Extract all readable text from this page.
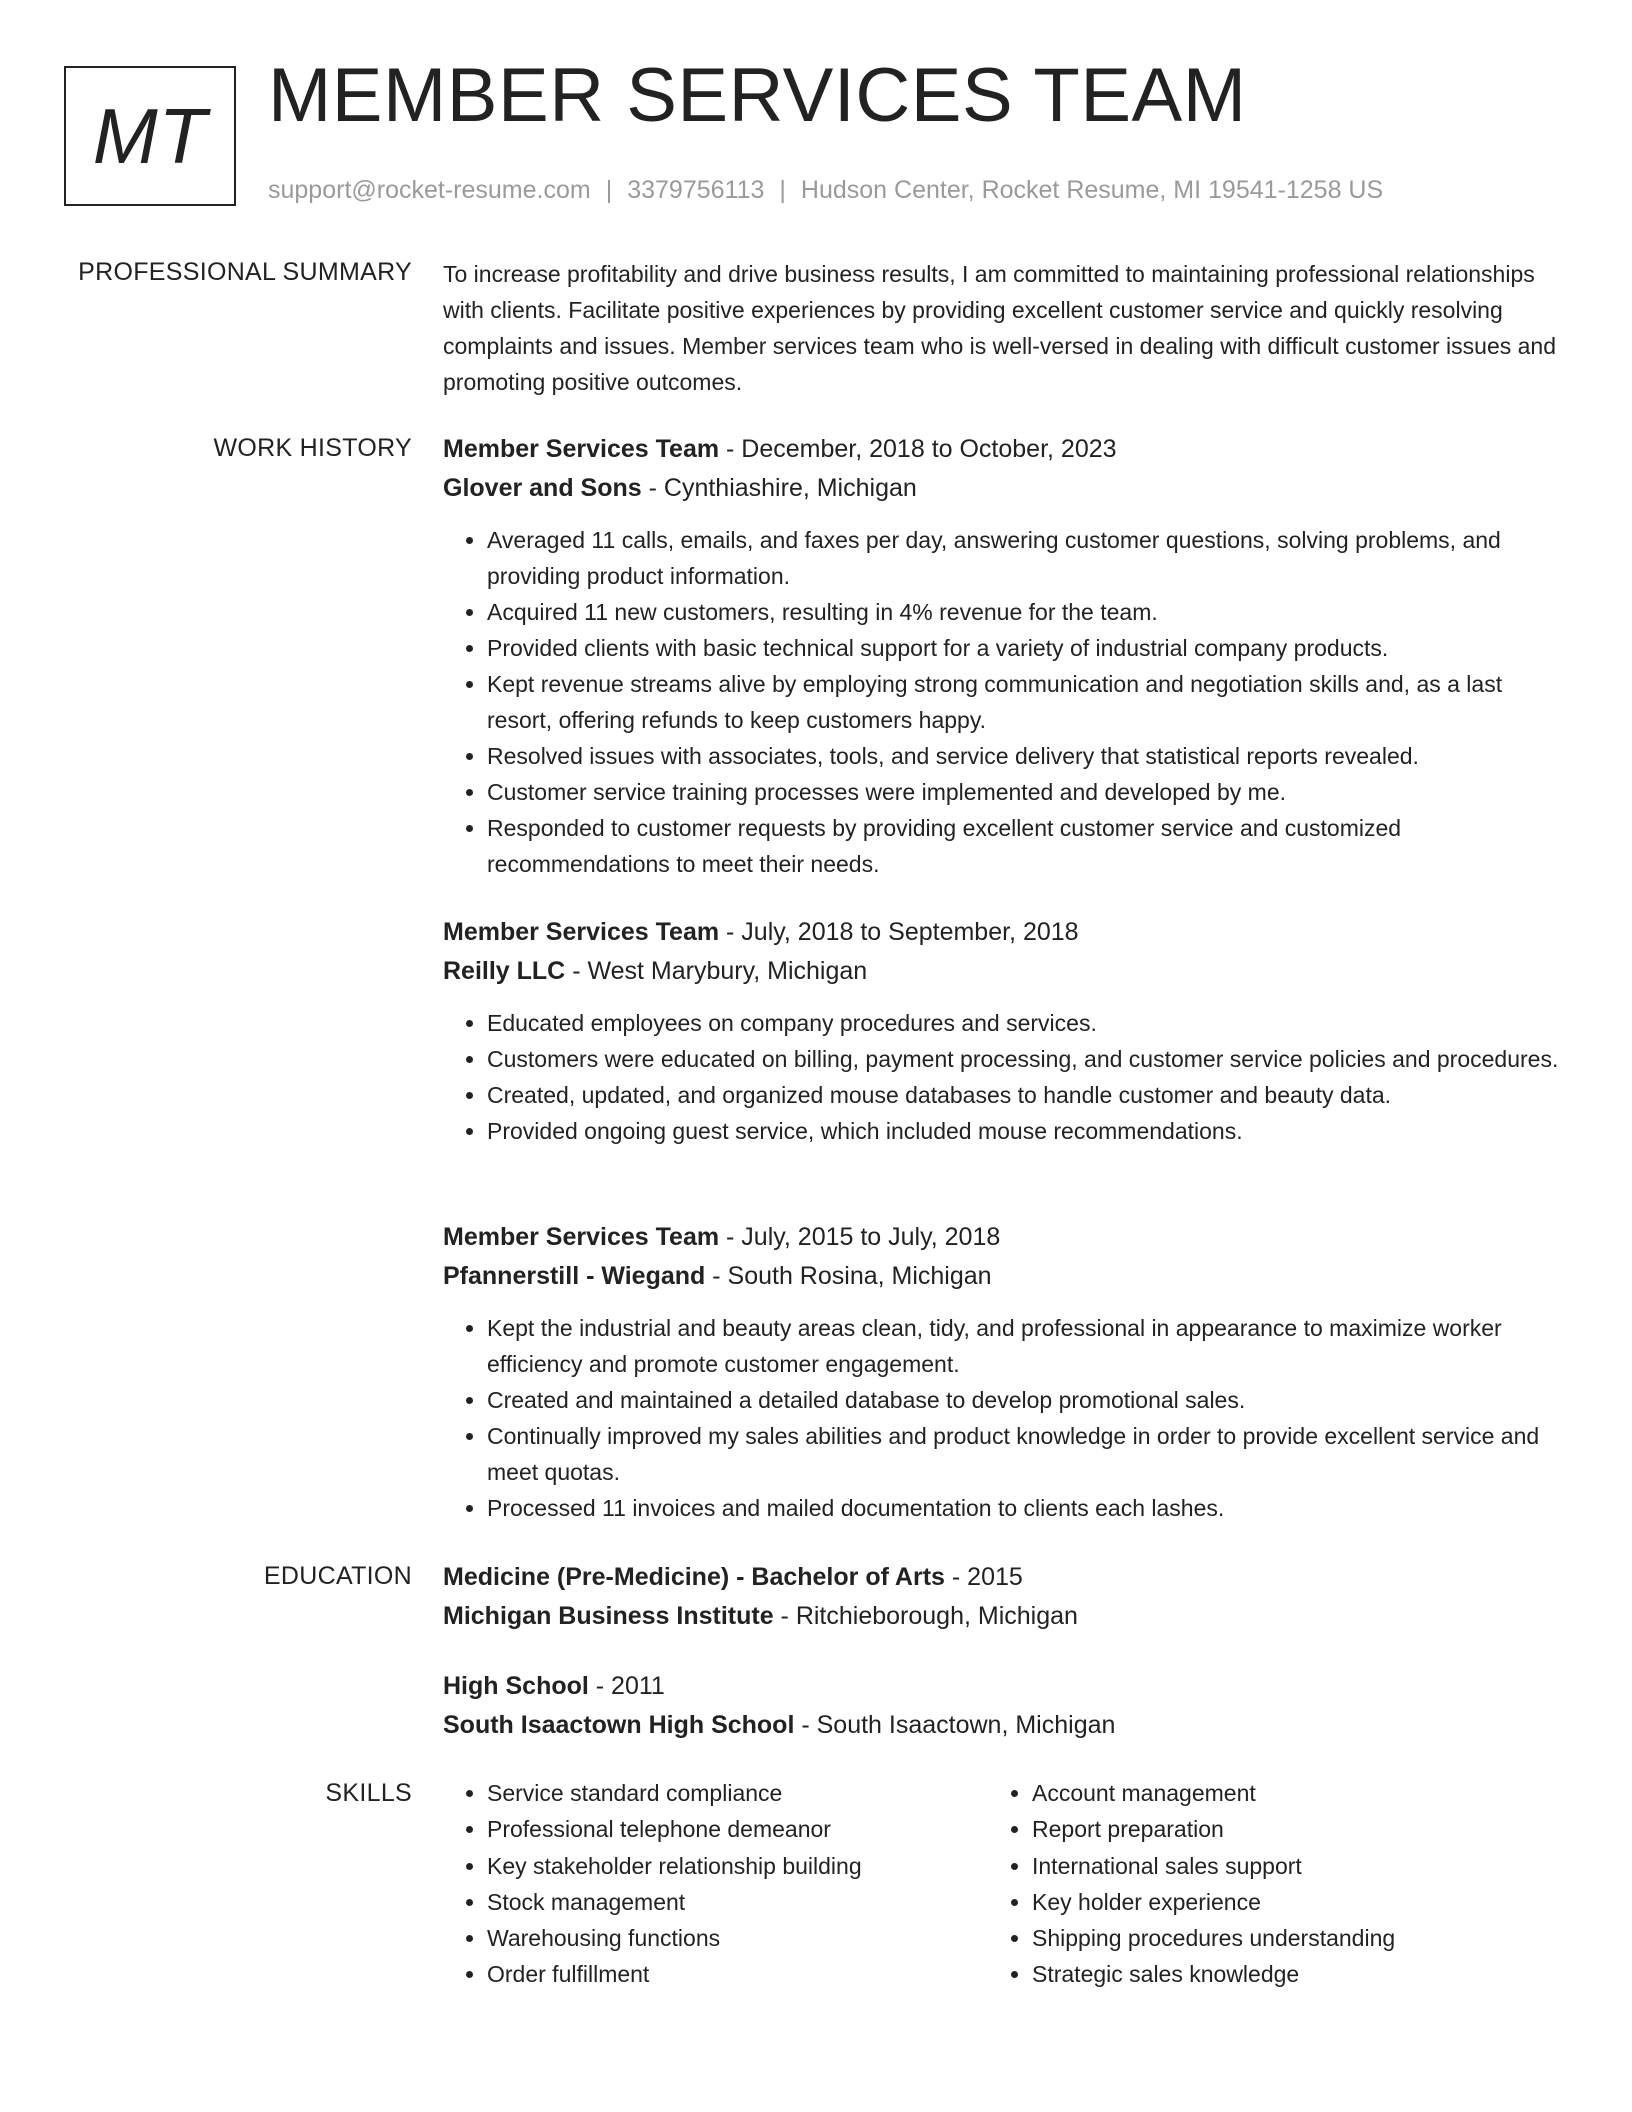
MT MEMBER SERVICES TEAM
support@rocket-resume.com | 3379756113 | Hudson Center, Rocket Resume, MI 19541-1258 US
PROFESSIONAL SUMMARY To increase profitability and drive business results, I am committed to maintaining professional relationships with clients. Facilitate positive experiences by providing excellent customer service and quickly resolving complaints and issues. Member services team who is well-versed in dealing with difficult customer issues and promoting positive outcomes.

WORK HISTORY Member Services Team - December, 2018 to October, 2023
Glover and Sons - Cynthiashire, Michigan
• Averaged 11 calls, emails, and faxes per day, answering customer questions, solving problems, and providing product information.
• Acquired 11 new customers, resulting in 4% revenue for the team.
• Provided clients with basic technical support for a variety of industrial company products.
• Kept revenue streams alive by employing strong communication and negotiation skills and, as a last resort, offering refunds to keep customers happy.
• Resolved issues with associates, tools, and service delivery that statistical reports revealed.
• Customer service training processes were implemented and developed by me.
• Responded to customer requests by providing excellent customer service and customized recommendations to meet their needs.
Member Services Team - July, 2018 to September, 2018
Reilly LLC - West Marybury, Michigan
• Educated employees on company procedures and services.
• Customers were educated on billing, payment processing, and customer service policies and procedures.
• Created, updated, and organized mouse databases to handle customer and beauty data.
• Provided ongoing guest service, which included mouse recommendations.
Member Services Team - July, 2015 to July, 2018
Pfannerstill - Wiegand - South Rosina, Michigan
• Kept the industrial and beauty areas clean, tidy, and professional in appearance to maximize worker efficiency and promote customer engagement.
• Created and maintained a detailed database to develop promotional sales.
• Continually improved my sales abilities and product knowledge in order to provide excellent service and meet quotas.
• Processed 11 invoices and mailed documentation to clients each lashes.
EDUCATION Medicine (Pre-Medicine) - Bachelor of Arts - 2015
Michigan Business Institute - Ritchieborough, Michigan
High School - 2011
South Isaactown High School - South Isaactown, Michigan
SKILLS
•	Service standard compliance
• Professional telephone demeanor
• Key stakeholder relationship building
• Stock management
• Warehousing functions
• Order fulfillment
• Account management
• Report preparation
• International sales support
• Key holder experience
• Shipping procedures understanding
• Strategic sales knowledge
